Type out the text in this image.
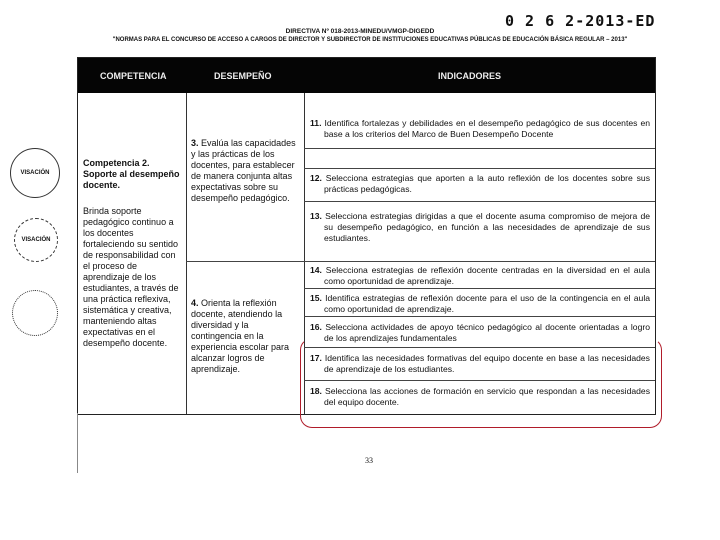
0 2 6 2-2013-ED
DIRECTIVA Nº 018-2013-MINEDU/VMGP-DIGEDD
"NORMAS PARA EL CONCURSO DE ACCESO A CARGOS DE DIRECTOR Y SUBDIRECTOR DE INSTITUCIONES EDUCATIVAS PÚBLICAS DE EDUCACIÓN BÁSICA REGULAR – 2013"
VISACIÓN
VISACIÓN
COMPETENCIA	DESEMPEÑO	INDICADORES
Competencia 2. Soporte al desempeño docente.
Brinda soporte pedagógico continuo a los docentes fortaleciendo su sentido de responsabilidad con el proceso de aprendizaje de los estudiantes, a través de una práctica reflexiva, sistemática y creativa, manteniendo altas expectativas en el desempeño docente.
3. Evalúa las capacidades y las prácticas de los docentes, para establecer de manera conjunta altas expectativas sobre su desempeño pedagógico.
4. Orienta la reflexión docente, atendiendo la diversidad y la contingencia en la experiencia escolar para alcanzar logros de aprendizaje.
11. Identifica fortalezas y debilidades en el desempeño pedagógico de sus docentes en base a los criterios del Marco de Buen Desempeño Docente
12. Selecciona estrategias que aporten a la auto reflexión de los docentes sobre sus prácticas pedagógicas.
13. Selecciona estrategias dirigidas a que el docente asuma compromiso de mejora de su desempeño pedagógico, en función a las necesidades de aprendizaje de sus estudiantes.
14. Selecciona estrategias de reflexión docente centradas en la diversidad en el aula como oportunidad de aprendizaje.
15. Identifica estrategias de reflexión docente para el uso de la contingencia en el aula como oportunidad de aprendizaje.
16. Selecciona actividades de apoyo técnico pedagógico al docente orientadas a logro de los aprendizajes fundamentales
17. Identifica las necesidades formativas del equipo docente en base a las necesidades de aprendizaje de los estudiantes.
18. Selecciona las acciones de formación en servicio que respondan a las necesidades del equipo docente.
33
